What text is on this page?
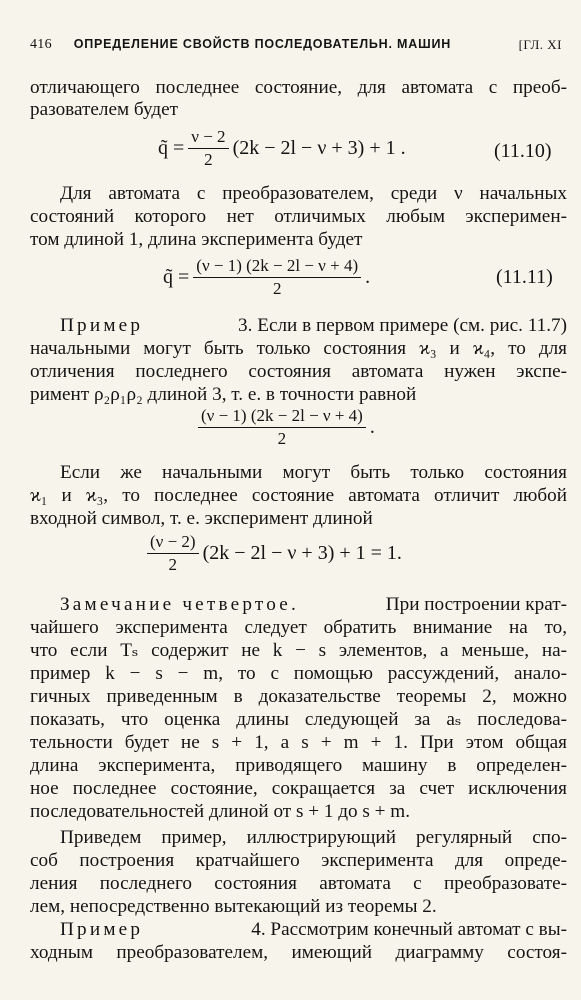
416 ОПРЕДЕЛЕНИЕ СВОЙСТВ ПОСЛЕДОВАТЕЛЬН. МАШИН	[ГЛ. XI
отличающего последнее состояние, для автомата с преоб-
разователем будет
q̃ = $\frac{\nu - 2}{2} (2k - 2l - \nu + 3) + 1$ .	(11.10)
Для автомата с преобразователем, среди ν начальных
состояний которого нет отличимых любым эксперимен-
том длиной 1, длина эксперимента будет
q̃ = $\frac{(\nu - 1) (2k - 2l - \nu + 4)}{2}$ .	(11.11)
Пример	3. Если в первом примере (см. рис. 11.7)
начальными могут быть только состояния ϰ₃ и ϰ₄, то для
отличения последнего состояния автомата нужен экспе-
римент ρ₂ρ₁ρ₂ длиной 3, т. е. в точности равной
$\frac{(\nu - 1) (2k - 2l - \nu + 4)}{2}$ .
Если же начальными могут быть только состояния
ϰ₁ и ϰ₃, то последнее состояние автомата отличит любой
входной символ, т. е. эксперимент длиной
$\frac{(\nu - 2)}{2} (2k - 2l - \nu + 3) + 1 = 1$.
Замечание четвертое.	При построении крат-
чайшего эксперимента следует обратить внимание на то,
что если Tₛ содержит не k − s элементов, а меньше, на-
пример k − s − m, то с помощью рассуждений, анало-
гичных приведенным в доказательстве теоремы 2, можно
показать, что оценка длины следующей за aₛ последова-
тельности будет не s + 1, а s + m + 1. При этом общая
длина эксперимента, приводящего машину в определен-
ное последнее состояние, сокращается за счет исключения
последовательностей длиной от s + 1 до s + m.
Приведем пример, иллюстрирующий регулярный спо-
соб построения кратчайшего эксперимента для опреде-
ления последнего состояния автомата с преобразовате-
лем, непосредственно вытекающий из теоремы 2.
Пример	4. Рассмотрим конечный автомат с вы-
ходным преобразователем, имеющий диаграмму состоя-
